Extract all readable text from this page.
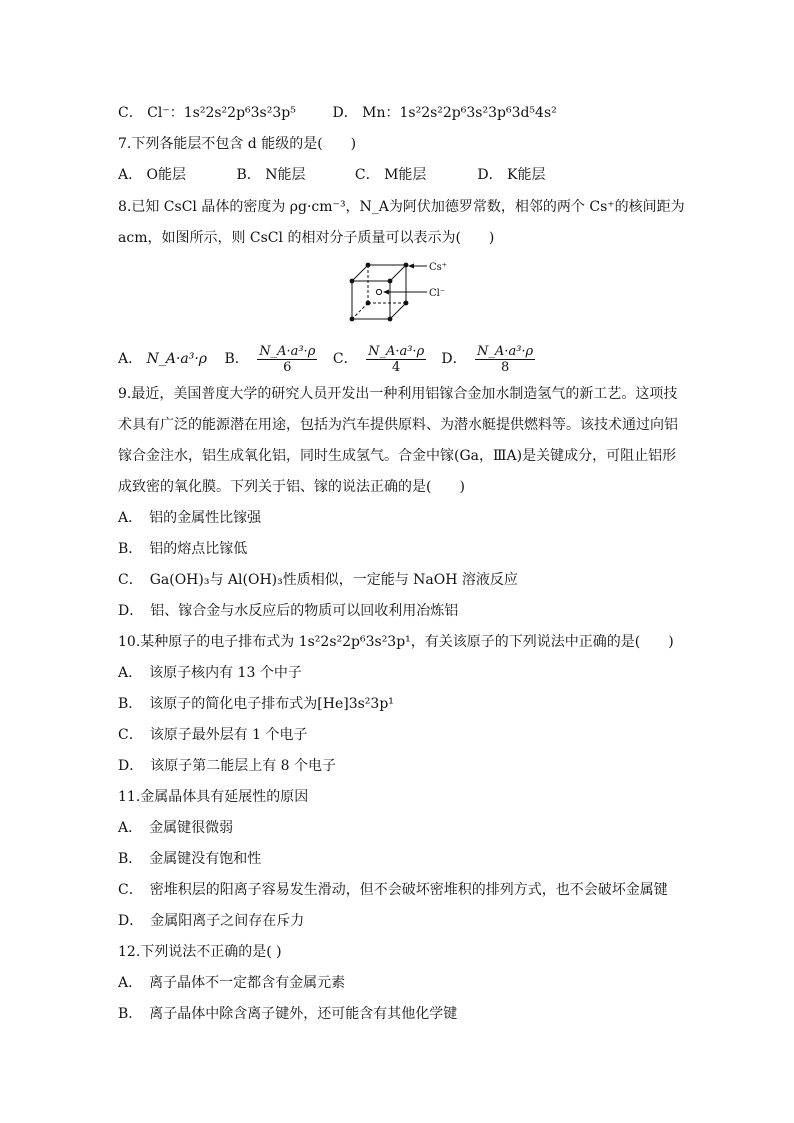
C． Cl⁻：1s²2s²2p⁶3s²3p⁵	D． Mn：1s²2s²2p⁶3s²3p⁶3d⁵4s²
7.下列各能层不包含 d 能级的是(　　)
A． O能层	B． N能层	C． M能层	D． K能层
8.已知 CsCl 晶体的密度为 ρg·cm⁻³，N_A为阿伏加德罗常数，相邻的两个 Cs⁺的核间距为
acm，如图所示，则 CsCl 的相对分子质量可以表示为(　　)
Cs⁺
Cl⁻
A． N_A·a³·ρ B． $\frac{\text{N\_A·a³·ρ}}{6}$ C． $\frac{\text{N\_A·a³·ρ}}{4}$ D． $\frac{\text{N\_A·a³·ρ}}{8}$
9.最近，美国普度大学的研究人员开发出一种利用铝镓合金加水制造氢气的新工艺。这项技
术具有广泛的能源潜在用途，包括为汽车提供原料、为潜水艇提供燃料等。该技术通过向铝
镓合金注水，铝生成氧化铝，同时生成氢气。合金中镓(Ga，ⅢA)是关键成分，可阻止铝形
成致密的氧化膜。下列关于铝、镓的说法正确的是(　　)
A．　铝的金属性比镓强
B．　铝的熔点比镓低
C．　Ga(OH)₃与 Al(OH)₃性质相似，一定能与 NaOH 溶液反应
D．　铝、镓合金与水反应后的物质可以回收利用冶炼铝
10.某种原子的电子排布式为 1s²2s²2p⁶3s²3p¹，有关该原子的下列说法中正确的是(　　)
A．　该原子核内有 13 个中子
B．　该原子的简化电子排布式为[He]3s²3p¹
C．　该原子最外层有 1 个电子
D．　该原子第二能层上有 8 个电子
11.金属晶体具有延展性的原因
A．　金属键很微弱
B．　金属键没有饱和性
C．　密堆积层的阳离子容易发生滑动，但不会破坏密堆积的排列方式，也不会破坏金属键
D．　金属阳离子之间存在斥力
12.下列说法不正确的是( )
A．　离子晶体不一定都含有金属元素
B．　离子晶体中除含离子键外，还可能含有其他化学键
